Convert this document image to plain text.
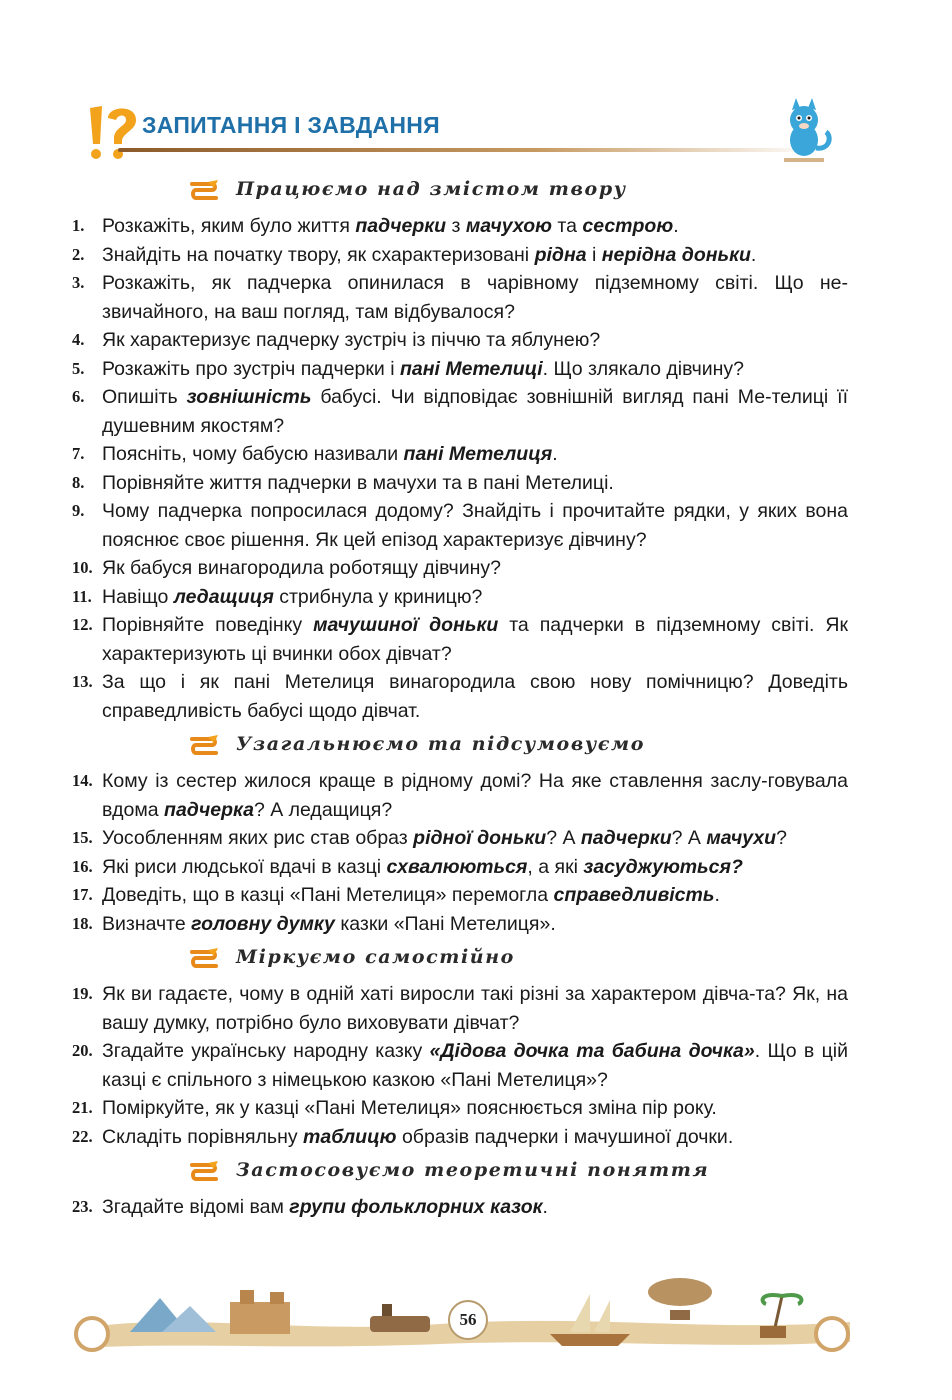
ЗАПИТАННЯ І ЗАВДАННЯ
Працюємо над змістом твору
1. Розкажіть, яким було життя падчерки з мачухою та сестрою.
2. Знайдіть на початку твору, як схарактеризовані рідна і нерідна доньки.
3. Розкажіть, як падчерка опинилася в чарівному підземному світі. Що не-звичайного, на ваш погляд, там відбувалося?
4. Як характеризує падчерку зустріч із піччю та яблунею?
5. Розкажіть про зустріч падчерки і пані Метелиці. Що злякало дівчину?
6. Опишіть зовнішність бабусі. Чи відповідає зовнішній вигляд пані Ме-телиці її душевним якостям?
7. Поясніть, чому бабусю називали пані Метелиця.
8. Порівняйте життя падчерки в мачухи та в пані Метелиці.
9. Чому падчерка попросилася додому? Знайдіть і прочитайте рядки, у яких вона пояснює своє рішення. Як цей епізод характеризує дівчину?
10. Як бабуся винагородила роботящу дівчину?
11. Навіщо ледащиця стрибнула у криницю?
12. Порівняйте поведінку мачушиної доньки та падчерки в підземному світі. Як характеризують ці вчинки обох дівчат?
13. За що і як пані Метелиця винагородила свою нову помічницю? Доведіть справедливість бабусі щодо дівчат.
Узагальнюємо та підсумовуємо
14. Кому із сестер жилося краще в рідному домі? На яке ставлення заслу-говувала вдома падчерка? А ледащиця?
15. Уособленням яких рис став образ рідної доньки? А падчерки? А мачухи?
16. Які риси людської вдачі в казці схвалюються, а які засуджуються?
17. Доведіть, що в казці «Пані Метелиця» перемогла справедливість.
18. Визначте головну думку казки «Пані Метелиця».
Міркуємо самостійно
19. Як ви гадаєте, чому в одній хаті виросли такі різні за характером дівча-та? Як, на вашу думку, потрібно було виховувати дівчат?
20. Згадайте українську народну казку «Дідова дочка та бабина дочка». Що в цій казці є спільного з німецькою казкою «Пані Метелиця»?
21. Поміркуйте, як у казці «Пані Метелиця» пояснюється зміна пір року.
22. Складіть порівняльну таблицю образів падчерки і мачушиної дочки.
Застосовуємо теоретичні поняття
23. Згадайте відомі вам групи фольклорних казок.
56
